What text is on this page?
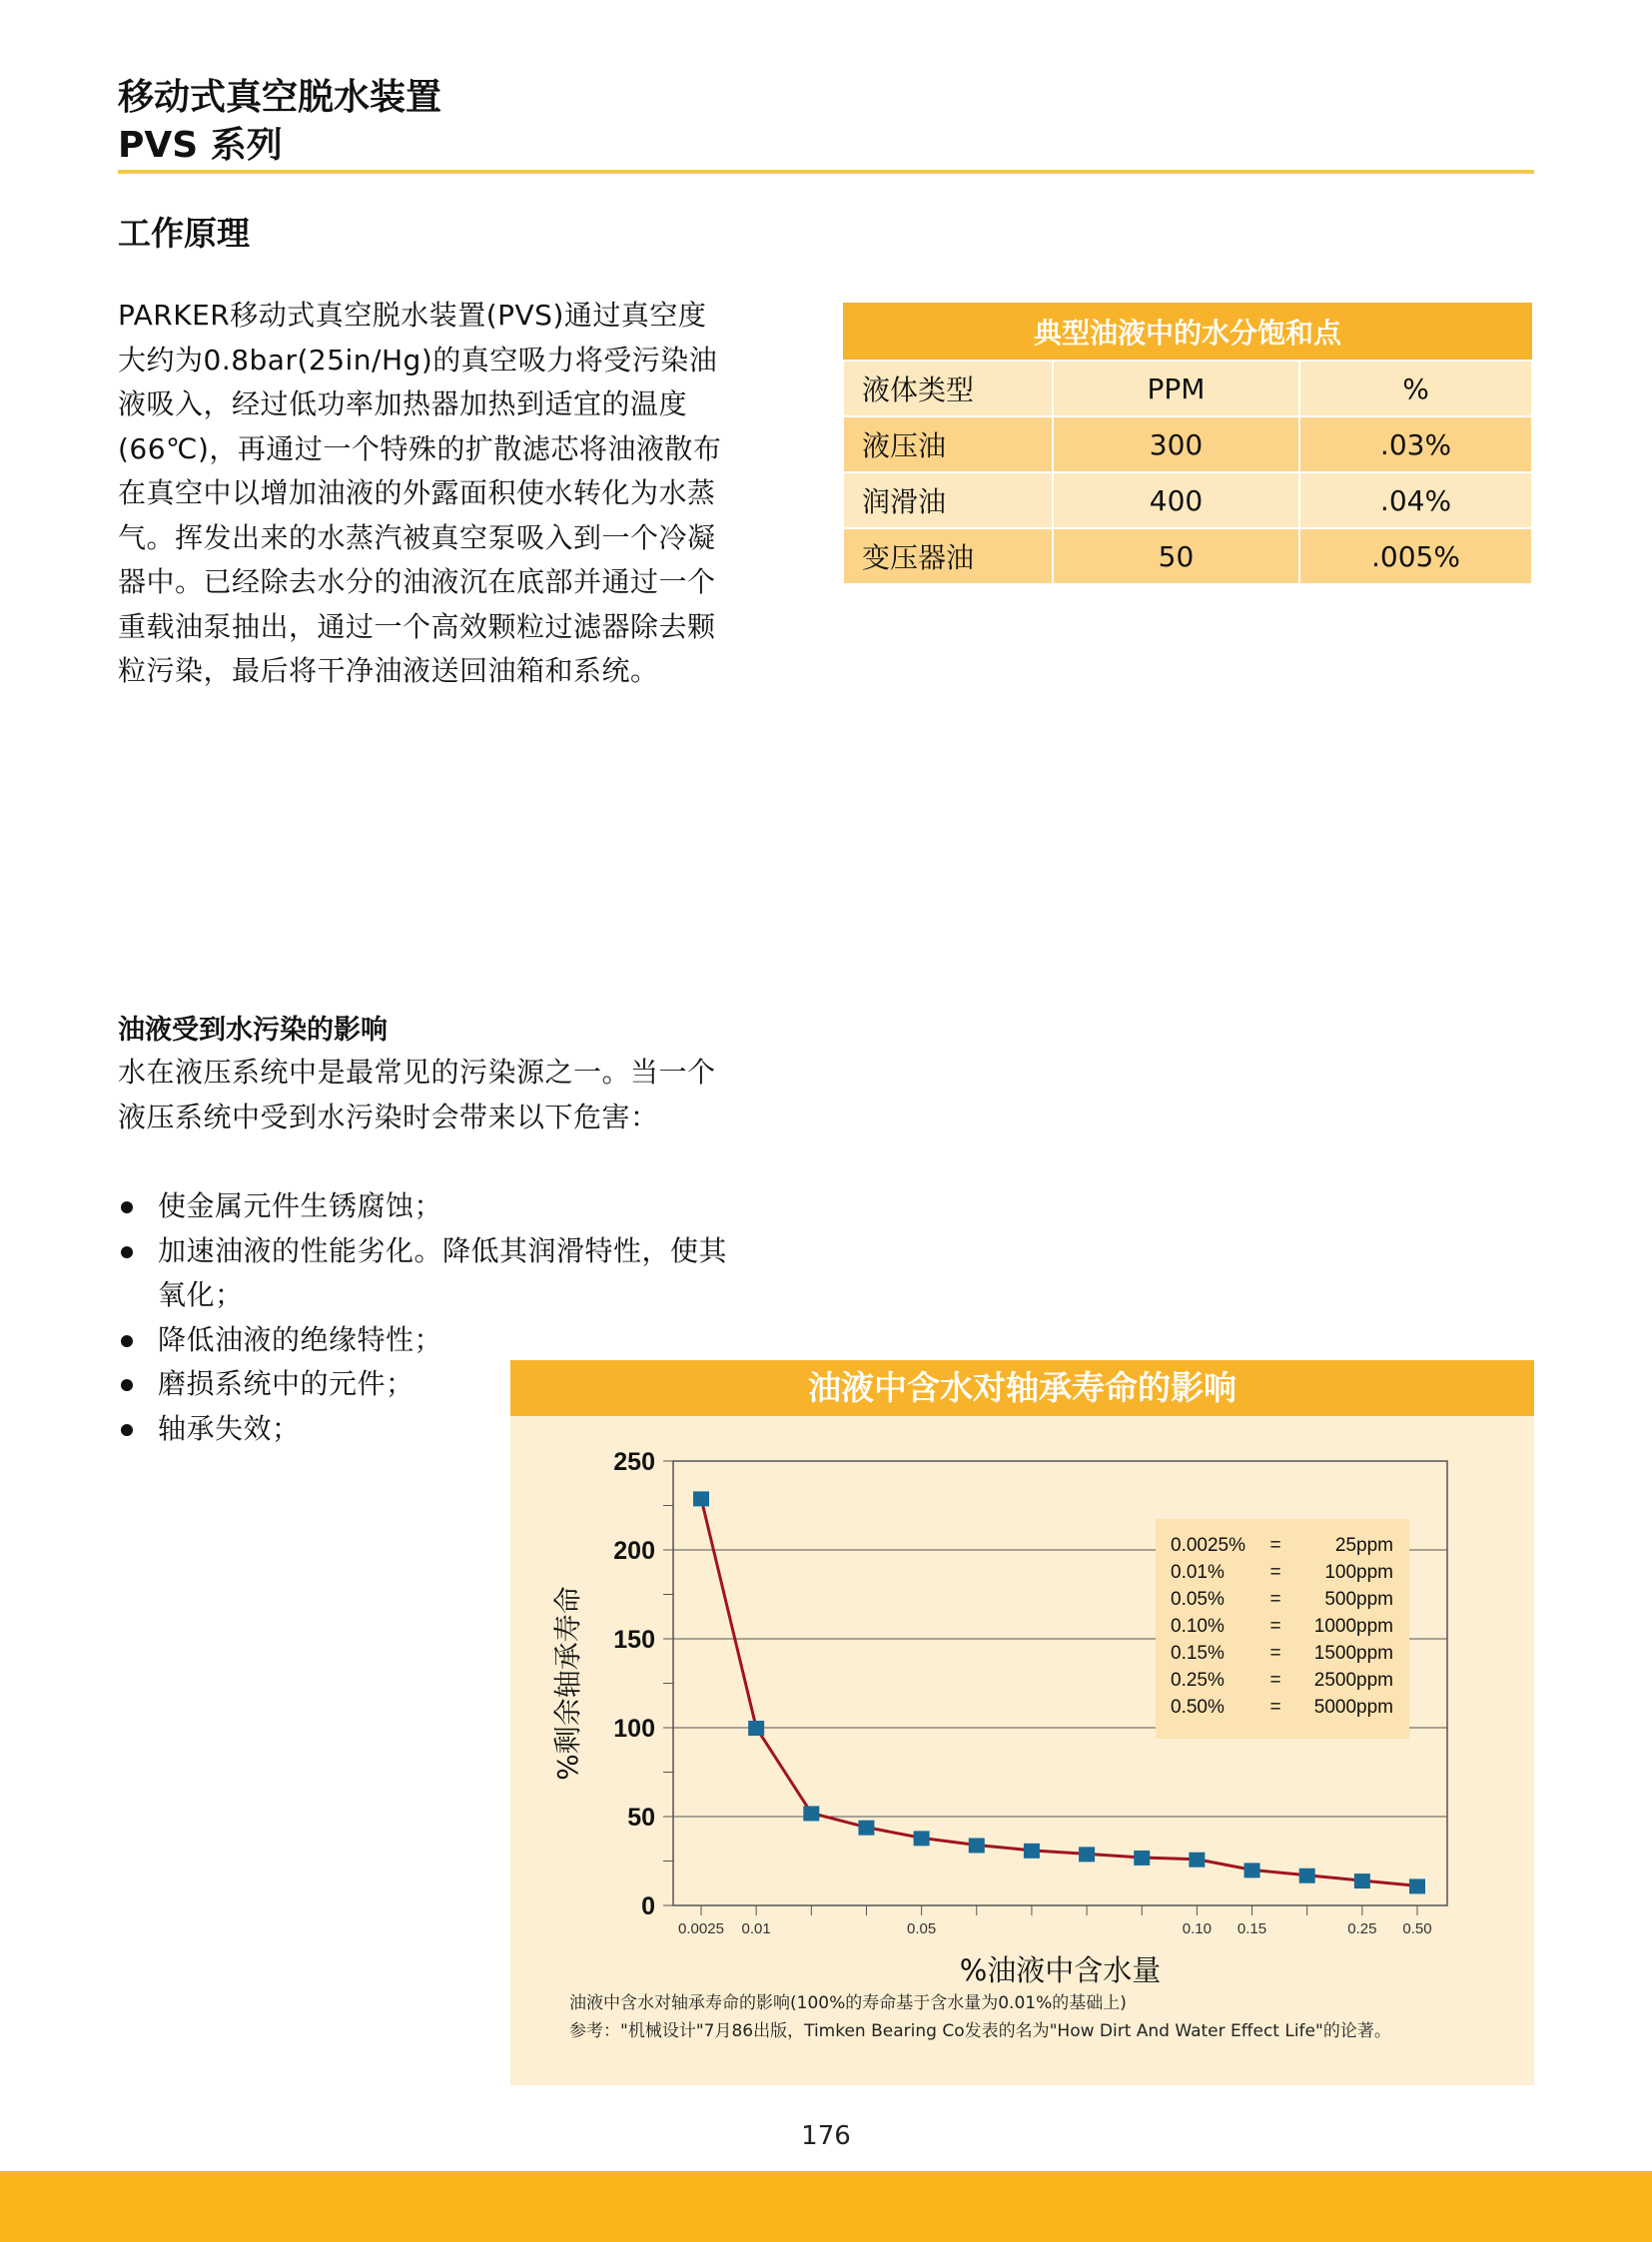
移动式真空脱水装置
PVS 系列
工作原理
PARKER移动式真空脱水装置(PVS)通过真空度大约为0.8bar(25in/Hg)的真空吸力将受污染油液吸入，经过低功率加热器加热到适宜的温度(66℃)，再通过一个特殊的扩散滤芯将油液散布在真空中以增加油液的外露面积使水转化为水蒸气。挥发出来的水蒸汽被真空泵吸入到一个冷凝器中。已经除去水分的油液沉在底部并通过一个重载油泵抽出，通过一个高效颗粒过滤器除去颗粒污染，最后将干净油液送回油箱和系统。
典型油液中的水分饱和点		
液体类型	PPM	%
液压油	300	.03%
润滑油	400	.04%
变压器油	50	.005%
油液受到水污染的影响
水在液压系统中是最常见的污染源之一。当一个液压系统中受到水污染时会带来以下危害：
使金属元件生锈腐蚀；
加速油液的性能劣化。降低其润滑特性，使其氧化；
降低油液的绝缘特性；
磨损系统中的元件；
轴承失效；
油液中含水对轴承寿命的影响
0
50
100
150
200
250
0.0025 0.01	0.05	0.10 0.15	0.25 0.50
%油液中含水量
%剩余轴承寿命
0.0025% =	25ppm
0.01% = 100ppm
0.05% = 500ppm
0.10% = 1000ppm
0.15% = 1500ppm
0.25% = 2500ppm
0.50% = 5000ppm
油液中含水对轴承寿命的影响(100%的寿命基于含水量为0.01%的基础上)
参考："机械设计"7月86出版，Timken Bearing Co发表的名为"How Dirt And Water Effect Life"的论著。
176
